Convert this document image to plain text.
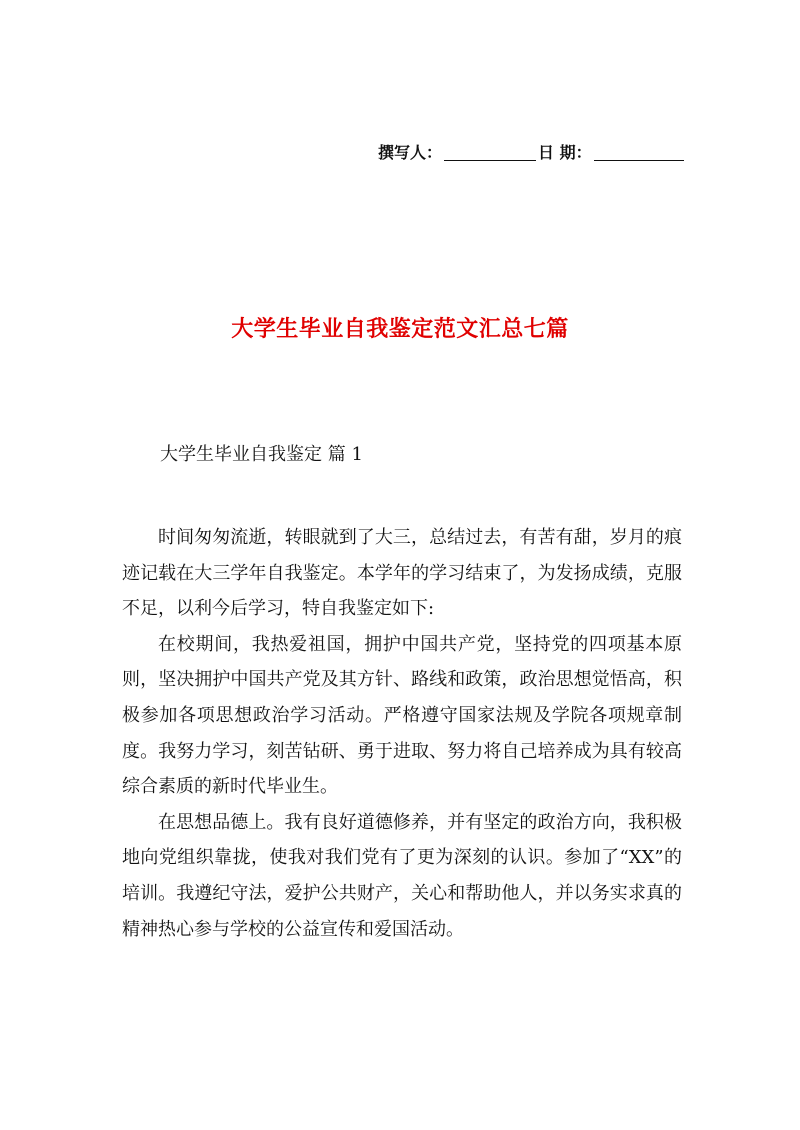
撰写人：	日 期：
大学生毕业自我鉴定范文汇总七篇
大学生毕业自我鉴定 篇 1

时间匆匆流逝，转眼就到了大三，总结过去，有苦有甜，岁月的痕迹记载在大三学年自我鉴定。本学年的学习结束了，为发扬成绩，克服不足，以利今后学习，特自我鉴定如下:

在校期间，我热爱祖国，拥护中国共产党，坚持党的四项基本原则，坚决拥护中国共产党及其方针、路线和政策，政治思想觉悟高，积极参加各项思想政治学习活动。严格遵守国家法规及学院各项规章制度。我努力学习，刻苦钻研、勇于进取、努力将自己培养成为具有较高综合素质的新时代毕业生。

在思想品德上。我有良好道德修养，并有坚定的政治方向，我积极地向党组织靠拢，使我对我们党有了更为深刻的认识。参加了“XX”的培训。我遵纪守法，爱护公共财产，关心和帮助他人，并以务实求真的精神热心参与学校的公益宣传和爱国活动。
